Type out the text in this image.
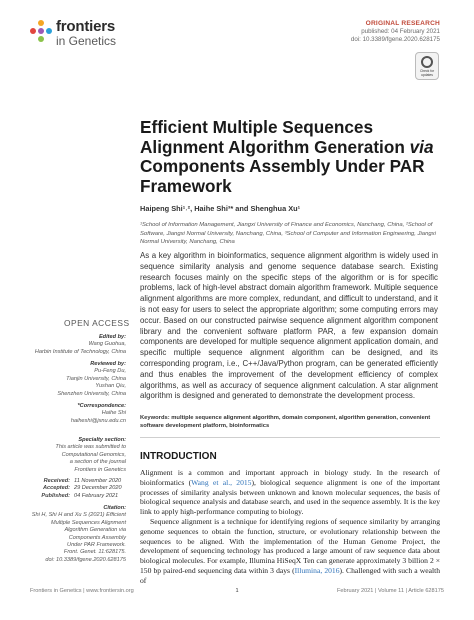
frontiers
in Genetics
ORIGINAL RESEARCH
published: 04 February 2021
doi: 10.3389/fgene.2020.628175
Check for updates
Efficient Multiple Sequences Alignment Algorithm Generation via Components Assembly Under PAR Framework
Haipeng Shi¹˒², Haihe Shi³* and Shenghua Xu¹
¹School of Information Management, Jiangxi University of Finance and Economics, Nanchang, China, ²School of Software, Jiangxi Normal University, Nanchang, China, ³School of Computer and Information Engineering, Jiangxi Normal University, Nanchang, China
As a key algorithm in bioinformatics, sequence alignment algorithm is widely used in sequence similarity analysis and genome sequence database search. Existing research focuses mainly on the specific steps of the algorithm or is for specific problems, lack of high-level abstract domain algorithm framework. Multiple sequence alignment algorithms are more complex, redundant, and difficult to understand, and it is not easy for users to select the appropriate algorithm; some computing errors may occur. Based on our constructed pairwise sequence alignment algorithm component library and the convenient software platform PAR, a few expansion domain components are developed for multiple sequence alignment application domain, and specific multiple sequence alignment algorithm can be designed, and its corresponding program, i.e., C++/Java/Python program, can be generated efficiently and thus enables the improvement of the development efficiency of complex algorithms, as well as accuracy of sequence alignment calculation. A star alignment algorithm is designed and generated to demonstrate the development process.
Keywords: multiple sequence alignment algorithm, domain component, algorithm generation, convenient software development platform, bioinformatics
INTRODUCTION

Alignment is a common and important approach in biology study. In the research of bioinformatics (Wang et al., 2015), biological sequence alignment is one of the important processes of similarity analysis between unknown and known molecular sequences, the basis of biological sequence analysis and database search, and used in the sequence assembly. It is the key link to apply high-performance computing to biology.

Sequence alignment is a technique for identifying regions of sequence similarity by arranging genome sequences to obtain the function, structure, or evolutionary relationship between the sequences to be aligned. With the implementation of the Human Genome Project, the development of sequencing technology has produced a large amount of raw sequence data about biological molecules. For example, Illumina HiSeqX Ten can generate approximately 3 billion 2 × 150 bp paired-end sequencing data within 3 days (Illumina, 2016). Challenged with such a wealth of

OPEN ACCESS
Edited by:
Wang Guohua,
Harbin Institute of Technology, China
Reviewed by:
Pu-Feng Du,
Tianjin University, China
Yushan Qiu,
Shenzhen University, China
*Correspondence:
Haihe Shi
haiheshi@jxnu.edu.cn
Specialty section:
This article was submitted to
Computational Genomics,
a section of the journal
Frontiers in Genetics
Received: 11 November 2020
Accepted: 29 December 2020
Published: 04 February 2021
Citation:
Shi H, Shi H and Xu S (2021) Efficient
Multiple Sequences Alignment
Algorithm Generation via
Components Assembly
Under PAR Framework.
Front. Genet. 11:628175.
doi: 10.3389/fgene.2020.628175
Frontiers in Genetics | www.frontiersin.org	1	February 2021 | Volume 11 | Article 628175
